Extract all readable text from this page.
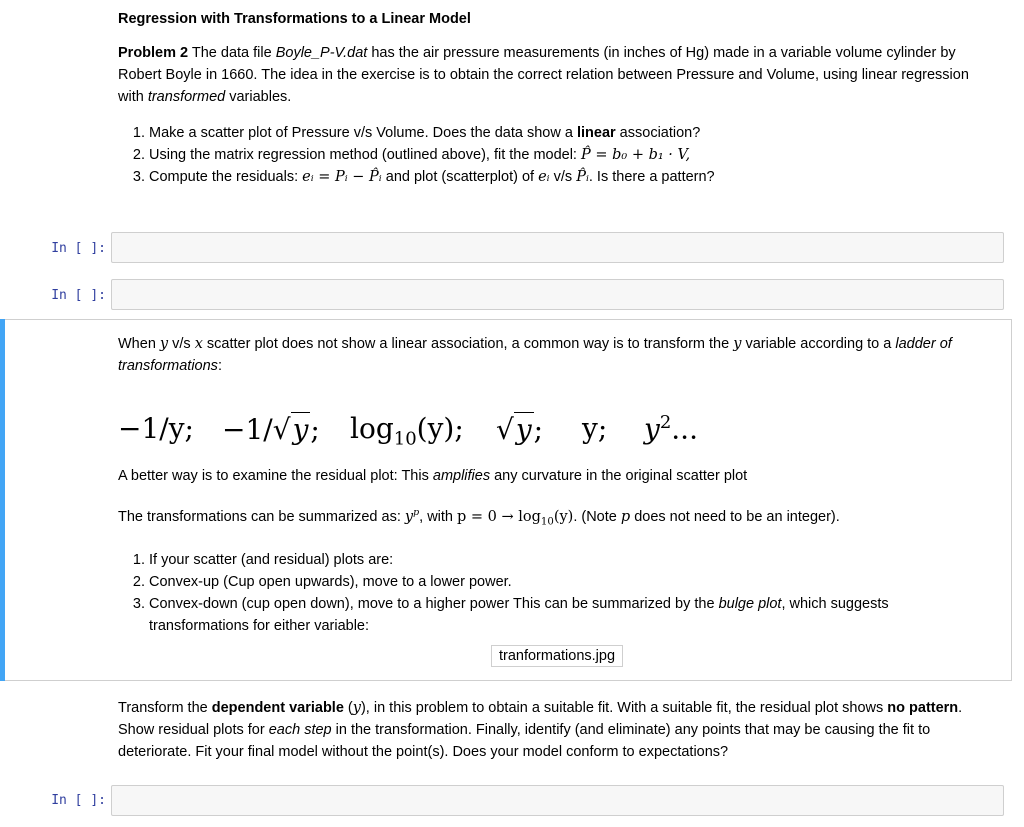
Regression with Transformations to a Linear Model

Problem 2 The data file Boyle_P-V.dat has the air pressure measurements (in inches of Hg) made in a variable volume cylinder by Robert Boyle in 1660. The idea in the exercise is to obtain the correct relation between Pressure and Volume, using linear regression with transformed variables.

1. Make a scatter plot of Pressure v/s Volume. Does the data show a linear association?
2. Using the matrix regression method (outlined above), fit the model: P̂ = b₀ + b₁ · V,
3. Compute the residuals: eᵢ = Pᵢ − P̂ᵢ and plot (scatterplot) of eᵢ v/s P̂ᵢ. Is there a pattern?
In [ ]:
In [ ]:

When y v/s x scatter plot does not show a linear association, a common way is to transform the y variable according to a ladder of transformations:

−1/y; −1/√y; $\log_{10}(y)$; √y; y; $y^2$...

A better way is to examine the residual plot: This amplifies any curvature in the original scatter plot

The transformations can be summarized as: $y^p$, with $p = 0 \to \log_{10}(y)$. (Note p does not need to be an integer).

1. If your scatter (and residual) plots are:
2. Convex-up (Cup open upwards), move to a lower power.
3. Convex-down (cup open down), move to a higher power This can be summarized by the bulge plot, which suggests transformations for either variable:
tranformations.jpg

Transform the dependent variable (y), in this problem to obtain a suitable fit. With a suitable fit, the residual plot shows no pattern. Show residual plots for each step in the transformation. Finally, identify (and eliminate) any points that may be causing the fit to deteriorate. Fit your final model without the point(s). Does your model conform to expectations?

In [ ]:
